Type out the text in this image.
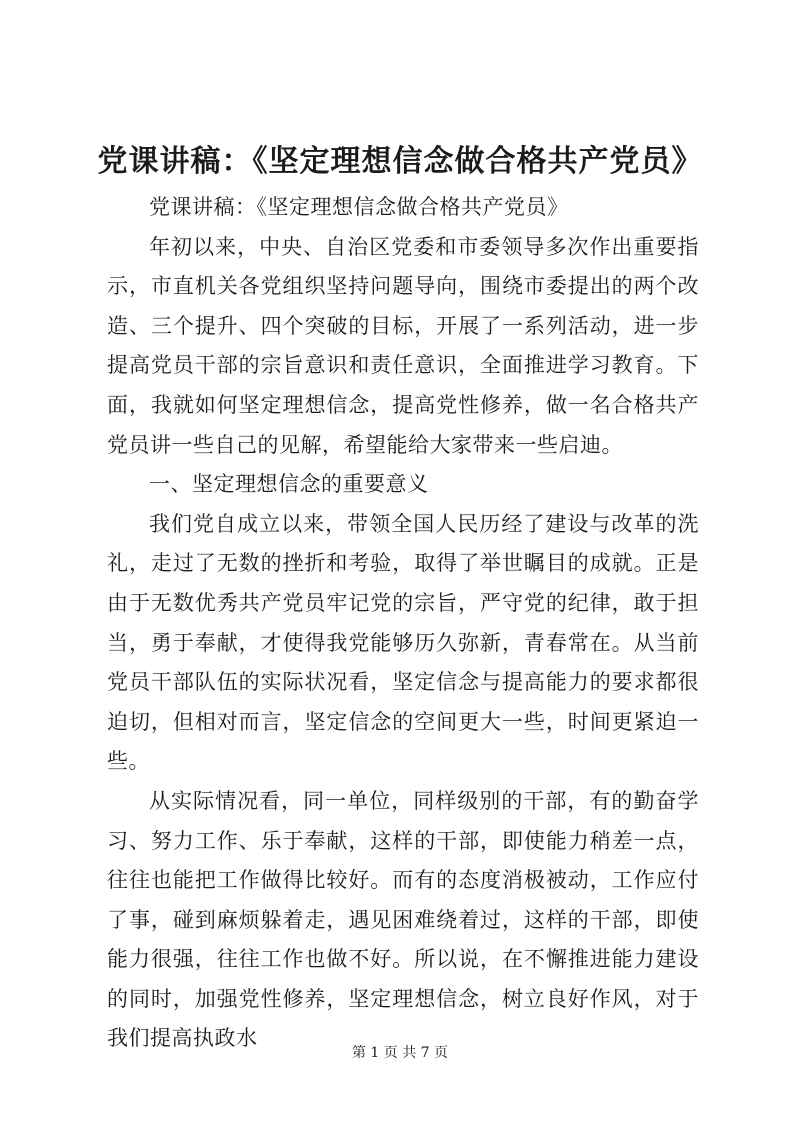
党课讲稿：《坚定理想信念做合格共产党员》

党课讲稿：《坚定理想信念做合格共产党员》

年初以来，中央、自治区党委和市委领导多次作出重要指示，市直机关各党组织坚持问题导向，围绕市委提出的两个改造、三个提升、四个突破的目标，开展了一系列活动，进一步提高党员干部的宗旨意识和责任意识，全面推进学习教育。下面，我就如何坚定理想信念，提高党性修养，做一名合格共产党员讲一些自己的见解，希望能给大家带来一些启迪。

一、坚定理想信念的重要意义

我们党自成立以来，带领全国人民历经了建设与改革的洗礼，走过了无数的挫折和考验，取得了举世瞩目的成就。正是由于无数优秀共产党员牢记党的宗旨，严守党的纪律，敢于担当，勇于奉献，才使得我党能够历久弥新，青春常在。从当前党员干部队伍的实际状况看，坚定信念与提高能力的要求都很迫切，但相对而言，坚定信念的空间更大一些，时间更紧迫一些。

从实际情况看，同一单位，同样级别的干部，有的勤奋学习、努力工作、乐于奉献，这样的干部，即使能力稍差一点，往往也能把工作做得比较好。而有的态度消极被动，工作应付了事，碰到麻烦躲着走，遇见困难绕着过，这样的干部，即使能力很强，往往工作也做不好。所以说，在不懈推进能力建设的同时，加强党性修养，坚定理想信念，树立良好作风，对于我们提高执政水

第 1 页 共 7 页
